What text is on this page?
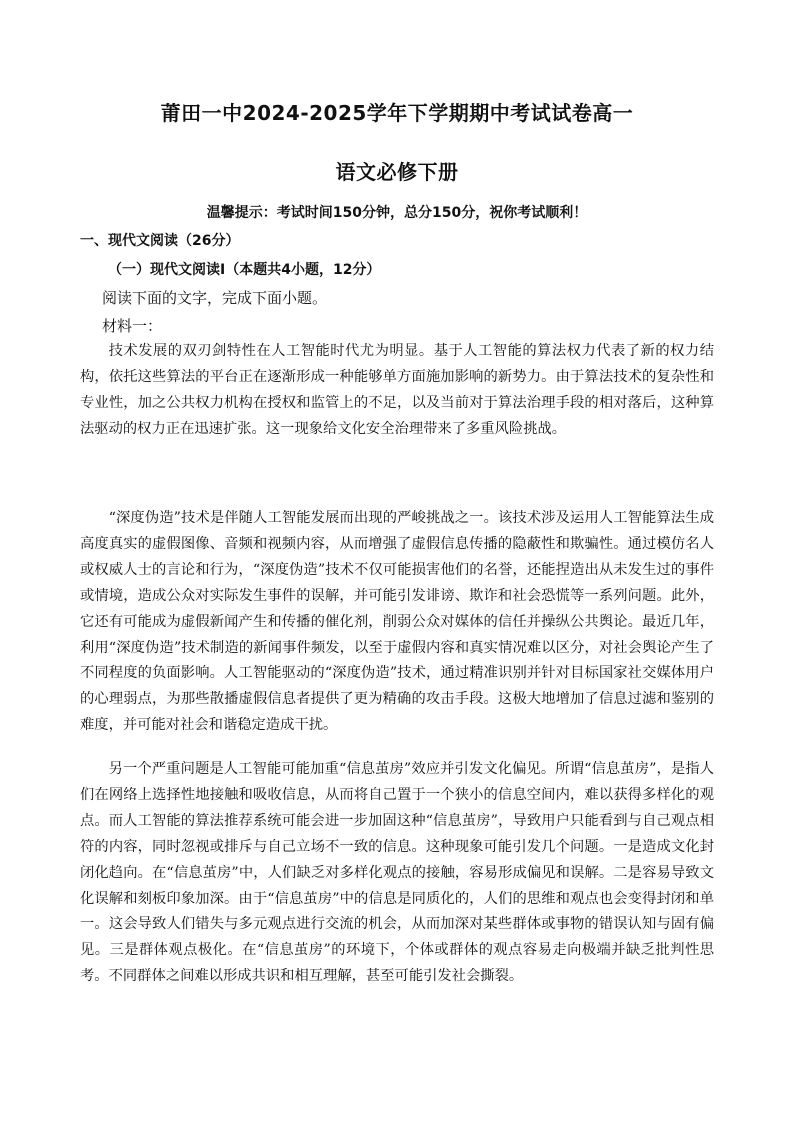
莆田一中2024-2025学年下学期期中考试试卷高一
语文必修下册
温馨提示：考试时间150分钟，总分150分，祝你考试顺利！
一、现代文阅读（26分）
（一）现代文阅读Ⅰ（本题共4小题，12分）
阅读下面的文字，完成下面小题。
材料一：

技术发展的双刃剑特性在人工智能时代尤为明显。基于人工智能的算法权力代表了新的权力结构，依托这些算法的平台正在逐渐形成一种能够单方面施加影响的新势力。由于算法技术的复杂性和专业性，加之公共权力机构在授权和监管上的不足，以及当前对于算法治理手段的相对落后，这种算法驱动的权力正在迅速扩张。这一现象给文化安全治理带来了多重风险挑战。

“深度伪造”技术是伴随人工智能发展而出现的严峻挑战之一。该技术涉及运用人工智能算法生成高度真实的虚假图像、音频和视频内容，从而增强了虚假信息传播的隐蔽性和欺骗性。通过模仿名人或权威人士的言论和行为，“深度伪造”技术不仅可能损害他们的名誉，还能捏造出从未发生过的事件或情境，造成公众对实际发生事件的误解，并可能引发诽谤、欺诈和社会恐慌等一系列问题。此外，它还有可能成为虚假新闻产生和传播的催化剂，削弱公众对媒体的信任并操纵公共舆论。最近几年，利用“深度伪造”技术制造的新闻事件频发，以至于虚假内容和真实情况难以区分，对社会舆论产生了不同程度的负面影响。人工智能驱动的“深度伪造”技术，通过精准识别并针对目标国家社交媒体用户的心理弱点，为那些散播虚假信息者提供了更为精确的攻击手段。这极大地增加了信息过滤和鉴别的难度，并可能对社会和谐稳定造成干扰。

另一个严重问题是人工智能可能加重“信息茧房”效应并引发文化偏见。所谓“信息茧房”，是指人们在网络上选择性地接触和吸收信息，从而将自己置于一个狭小的信息空间内，难以获得多样化的观点。而人工智能的算法推荐系统可能会进一步加固这种“信息茧房”，导致用户只能看到与自己观点相符的内容，同时忽视或排斥与自己立场不一致的信息。这种现象可能引发几个问题。一是造成文化封闭化趋向。在“信息茧房”中，人们缺乏对多样化观点的接触，容易形成偏见和误解。二是容易导致文化误解和刻板印象加深。由于“信息茧房”中的信息是同质化的，人们的思维和观点也会变得封闭和单一。这会导致人们错失与多元观点进行交流的机会，从而加深对某些群体或事物的错误认知与固有偏见。三是群体观点极化。在“信息茧房”的环境下，个体或群体的观点容易走向极端并缺乏批判性思考。不同群体之间难以形成共识和相互理解，甚至可能引发社会撕裂。
